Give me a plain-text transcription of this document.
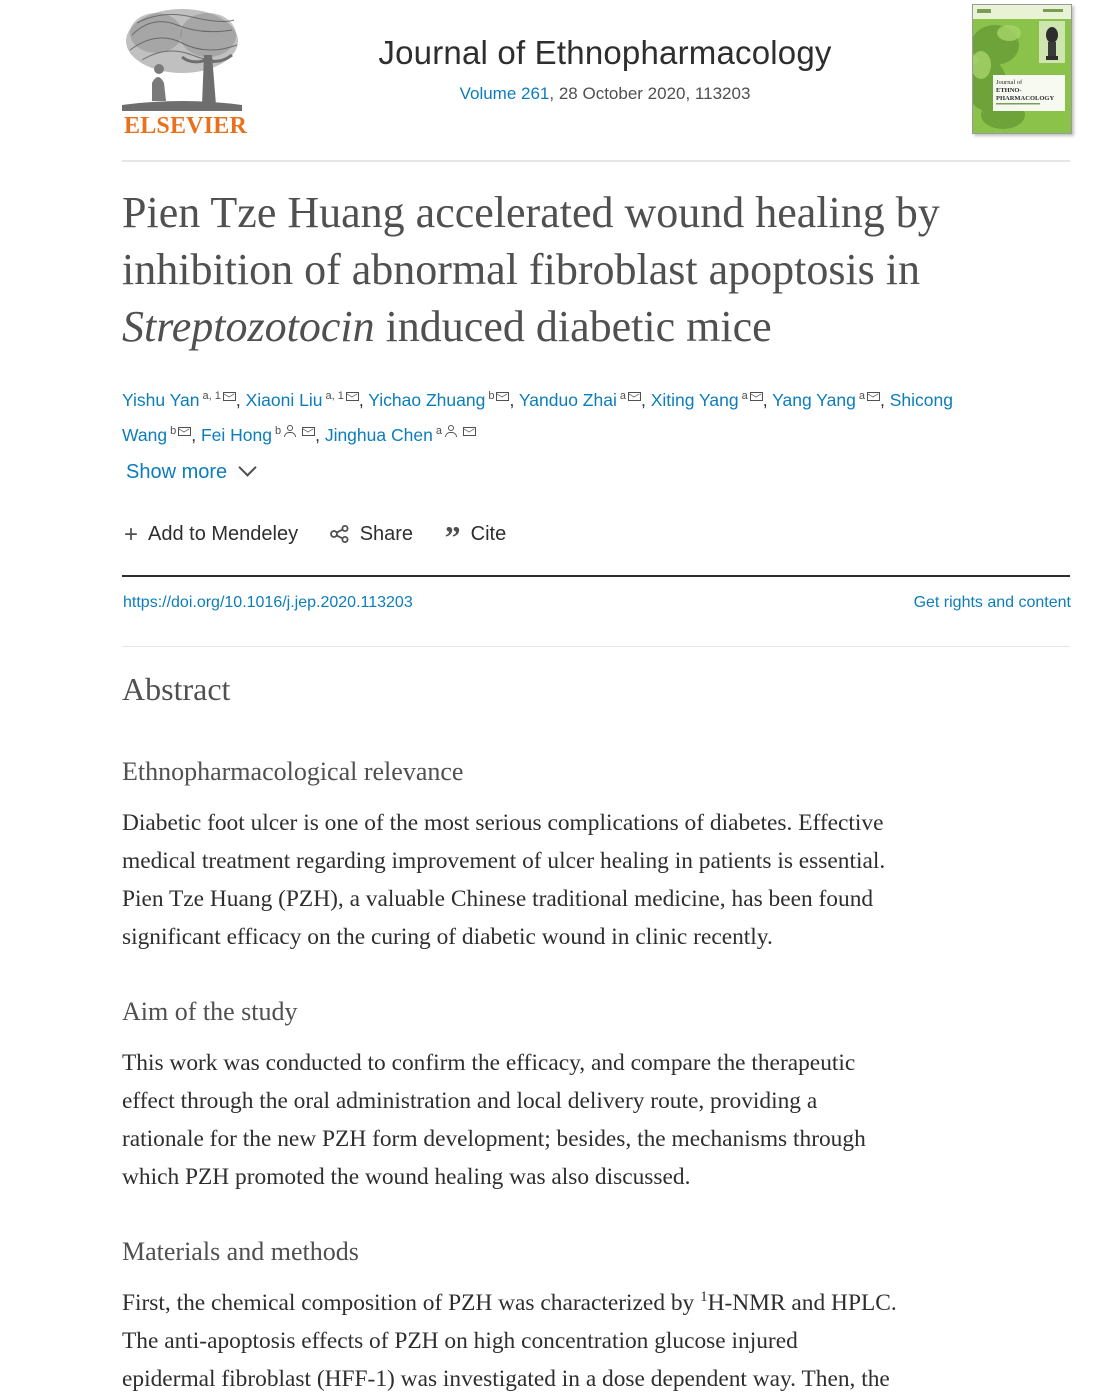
ELSEVIER
Journal of Ethnopharmacology
Volume 261, 28 October 2020, 113203
Journal of
ETHNO-
PHARMACOLOGY
Pien Tze Huang accelerated wound healing by
inhibition of abnormal fibroblast apoptosis in
Streptozotocin induced diabetic mice
Yishu Yan $^{a, 1}$ , Xiaoni Liu $^{a, 1}$ , Yichao Zhuang $^b$ , Yanduo Zhai $^a$ , Xiting Yang $^a$ , Yang Yang $^a$ , Shicong
Wang $^b$ , Fei Hong $^b$ , Jinghua Chen $^a$
Show more
+ Add to Mendeley	Share ” Cite
https://doi.org/10.1016/j.jep.2020.113203	Get rights and content
Abstract
Ethnopharmacological relevance

Diabetic foot ulcer is one of the most serious complications of diabetes. Effective
medical treatment regarding improvement of ulcer healing in patients is essential.
Pien Tze Huang (PZH), a valuable Chinese traditional medicine, has been found
significant efficacy on the curing of diabetic wound in clinic recently.

Aim of the study

This work was conducted to confirm the efficacy, and compare the therapeutic
effect through the oral administration and local delivery route, providing a
rationale for the new PZH form development; besides, the mechanisms through
which PZH promoted the wound healing was also discussed.

Materials and methods

First, the chemical composition of PZH was characterized by $^1$H-NMR and HPLC.
The anti-apoptosis effects of PZH on high concentration glucose injured
epidermal fibroblast (HFF-1) was investigated in a dose dependent way. Then, the
